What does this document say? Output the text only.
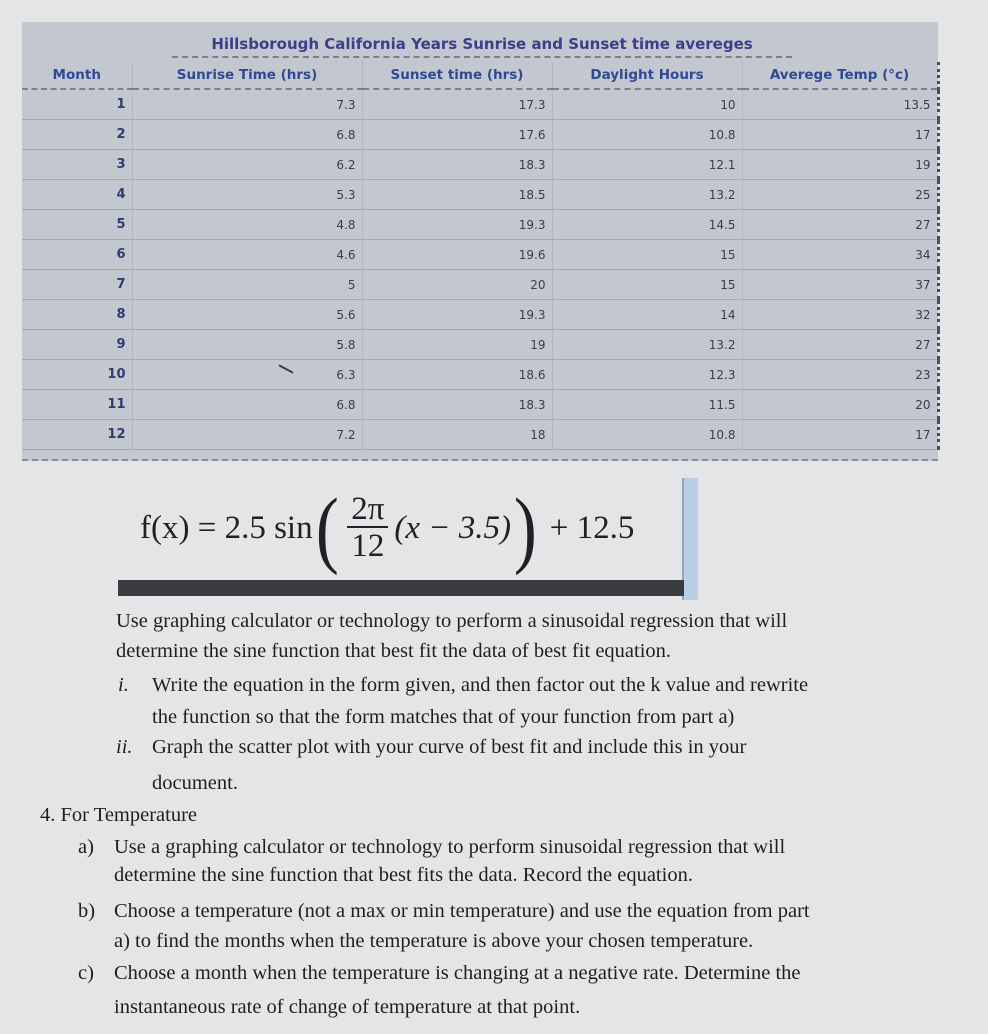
Hillsborough California Years Sunrise and Sunset time avereges
Month	Sunrise Time (hrs)	Sunset time (hrs)	Daylight Hours	Averege Temp (°c)
1	7.3	17.3	10	13.5
2	6.8	17.6	10.8	17
3	6.2	18.3	12.1	19
4	5.3	18.5	13.2	25
5	4.8	19.3	14.5	27
6	4.6	19.6	15	34
7	5	20	15	37
8	5.6	19.3	14	32
9	5.8	19	13.2	27
10	6.3	18.6	12.3	23
11	6.8	18.3	11.5	20
12	7.2	18	10.8	17
f(x) = 2.5 sin ( $\frac{2\pi}{12} (x - 3.5)$ ) + 12.5
Use graphing calculator or technology to perform a sinusoidal regression that will
determine the sine function that best fit the data of best fit equation.
i. Write the equation in the form given, and then factor out the k value and rewrite
the function so that the form matches that of your function from part a)
ii. Graph the scatter plot with your curve of best fit and include this in your
document.
4. For Temperature
a) Use a graphing calculator or technology to perform sinusoidal regression that will
determine the sine function that best fits the data. Record the equation.
b) Choose a temperature (not a max or min temperature) and use the equation from part
a) to find the months when the temperature is above your chosen temperature.
c) Choose a month when the temperature is changing at a negative rate. Determine the
instantaneous rate of change of temperature at that point.
